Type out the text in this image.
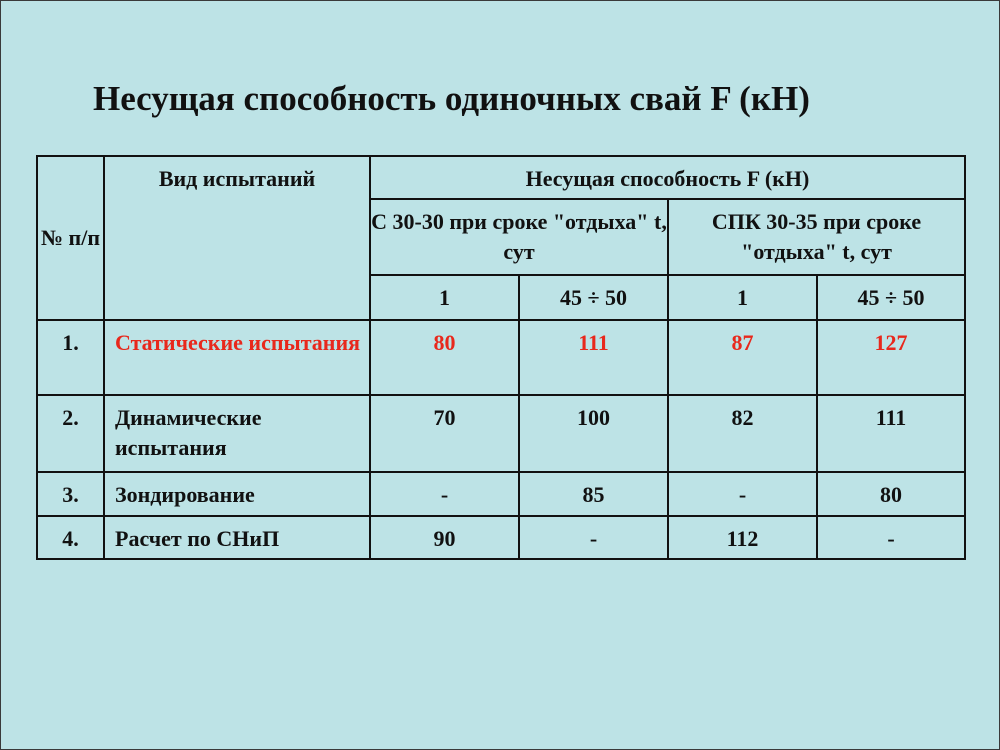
Несущая способность одиночных свай F (кН)
№ п/п	Вид испытаний	Несущая способность F (кН)			
		С 30-30 при сроке "отдыха" t, сут		СПК 30-35 при сроке "отдыха" t, сут	
		1	45 ÷ 50	1	45 ÷ 50
1.	Статические испытания	80	111	87	127
2.	Динамические испытания	70	100	82	111
3.	Зондирование	-	85	-	80
4.	Расчет по СНиП	90	-	112	-
